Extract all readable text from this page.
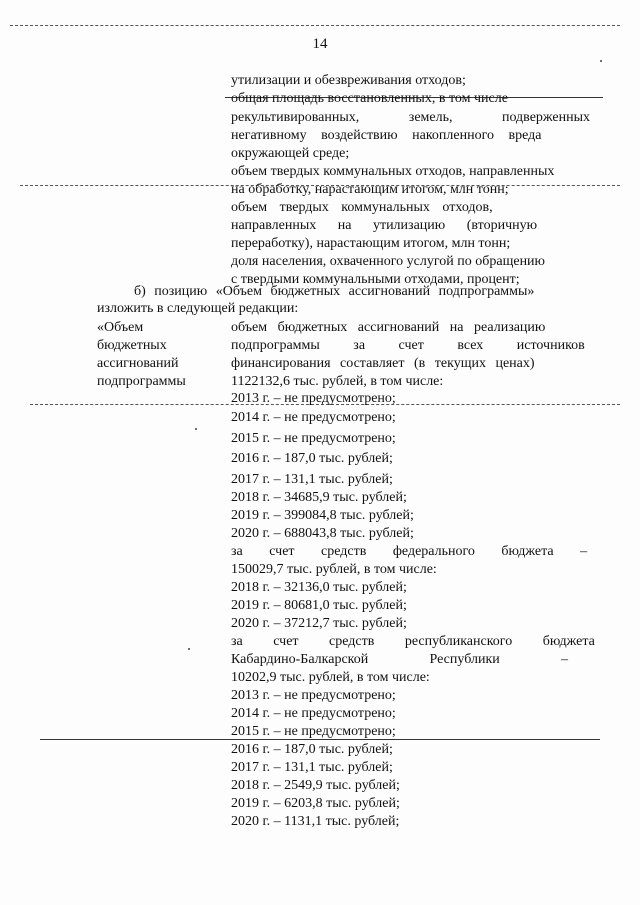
14
утилизации и обезвреживания отходов;
общая площадь восстановленных, в том числе
рекультивированных, земель, подверженных
негативному воздействию накопленного вреда
окружающей среде;
объем твердых коммунальных отходов, направленных
на обработку, нарастающим итогом, млн тонн;
объем твердых коммунальных отходов,
направленных на утилизацию (вторичную
переработку), нарастающим итогом, млн тонн;
доля населения, охваченного услугой по обращению
с твердыми коммунальными отходами, процент;
б) позицию «Объем бюджетных ассигнований подпрограммы»
изложить в следующей редакции:
«Объем
бюджетных
ассигнований
подпрограммы
объем бюджетных ассигнований на реализацию
подпрограммы за счет всех источников
финансирования составляет (в текущих ценах)
1122132,6 тыс. рублей, в том числе:
2013 г. – не предусмотрено;
2014 г. – не предусмотрено;
2015 г. – не предусмотрено;
2016 г. – 187,0 тыс. рублей;
2017 г. – 131,1 тыс. рублей;
2018 г. – 34685,9 тыс. рублей;
2019 г. – 399084,8 тыс. рублей;
2020 г. – 688043,8 тыс. рублей;
за счет средств федерального бюджета –
150029,7 тыс. рублей, в том числе:
2018 г. – 32136,0 тыс. рублей;
2019 г. – 80681,0 тыс. рублей;
2020 г. – 37212,7 тыс. рублей;
за счет средств республиканского бюджета
Кабардино-Балкарской	Республики	–
10202,9 тыс. рублей, в том числе:
2013 г. – не предусмотрено;
2014 г. – не предусмотрено;
2015 г. – не предусмотрено;
2016 г. – 187,0 тыс. рублей;
2017 г. – 131,1 тыс. рублей;
2018 г. – 2549,9 тыс. рублей;
2019 г. – 6203,8 тыс. рублей;
2020 г. – 1131,1 тыс. рублей;
